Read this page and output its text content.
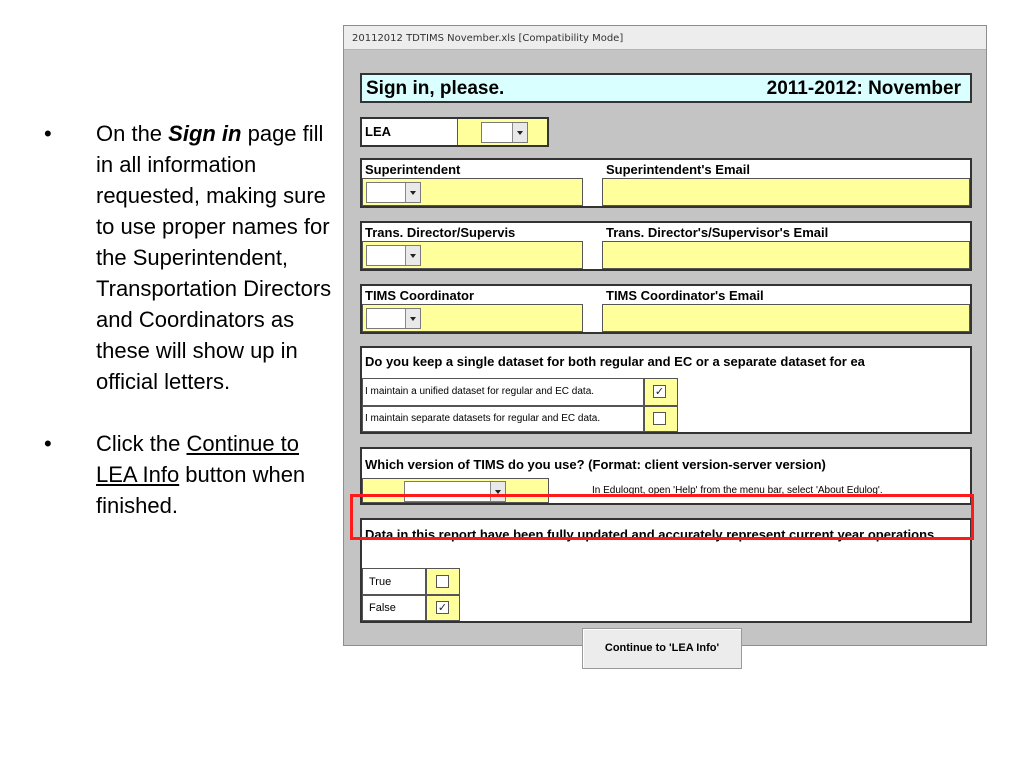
• On the Sign in page fill in all information requested, making sure to use proper names for the Superintendent, Transportation Directors and Coordinators as these will show up in official letters.
• Click the Continue to LEA Info button when finished.
20112012 TDTIMS November.xls [Compatibility Mode]
Sign in, please.	2011-2012: November
LEA
Superintendent	Superintendent's Email
Trans. Director/Supervis	Trans. Director's/Supervisor's Email
TIMS Coordinator	TIMS Coordinator's Email
Do you keep a single dataset for both regular and EC or a separate dataset for ea
I maintain a unified dataset for regular and EC data.	✓
I maintain separate datasets for regular and EC data.
Which version of TIMS do you use? (Format: client version-server version)
In Edulognt, open 'Help' from the menu bar, select 'About Edulog'.
Data in this report have been fully updated and accurately represent current year operations.
True
False	✓
Continue to 'LEA Info'
